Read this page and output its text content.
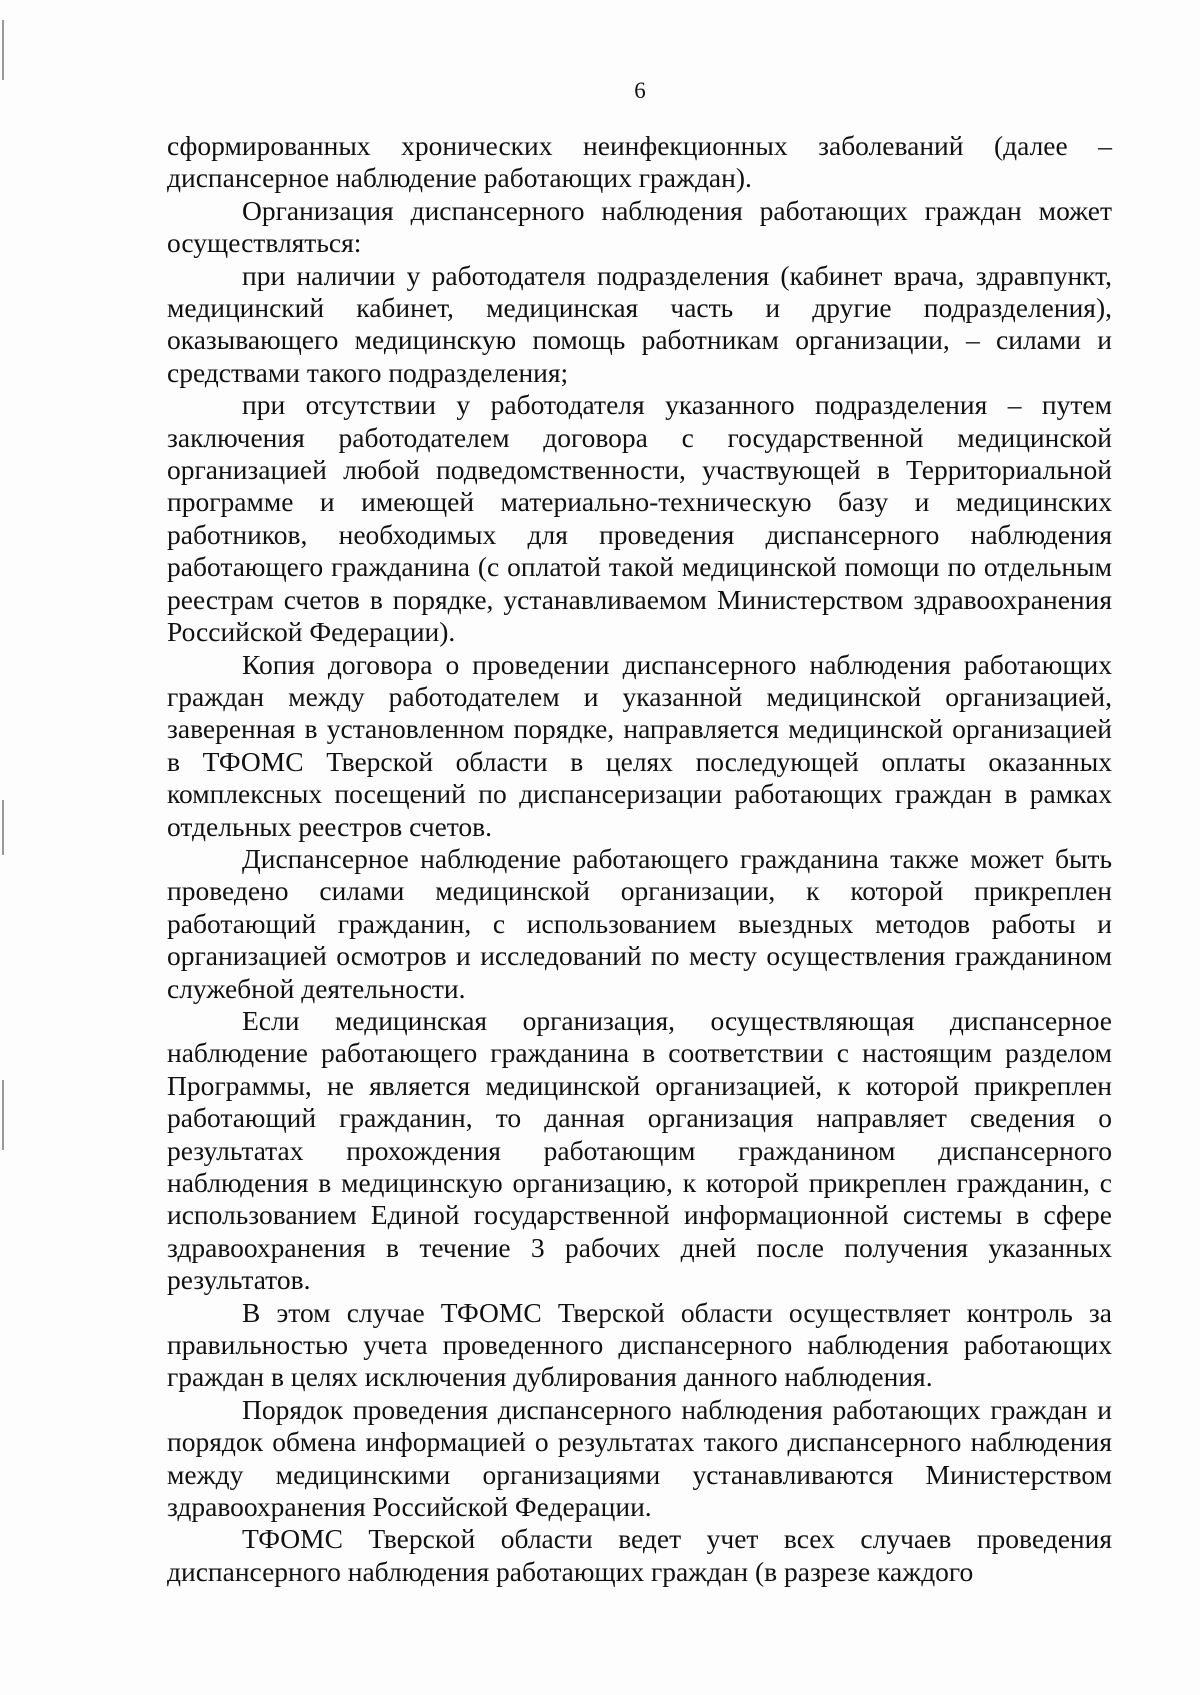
6

сформированных хронических неинфекционных заболеваний (далее – диспансерное наблюдение работающих граждан).

Организация диспансерного наблюдения работающих граждан может осуществляться:

при наличии у работодателя подразделения (кабинет врача, здравпункт, медицинский кабинет, медицинская часть и другие подразделения), оказывающего медицинскую помощь работникам организации, – силами и средствами такого подразделения;

при отсутствии у работодателя указанного подразделения – путем заключения работодателем договора с государственной медицинской организацией любой подведомственности, участвующей в Территориальной программе и имеющей материально-техническую базу и медицинских работников, необходимых для проведения диспансерного наблюдения работающего гражданина (с оплатой такой медицинской помощи по отдельным реестрам счетов в порядке, устанавливаемом Министерством здравоохранения Российской Федерации).

Копия договора о проведении диспансерного наблюдения работающих граждан между работодателем и указанной медицинской организацией, заверенная в установленном порядке, направляется медицинской организацией в ТФОМС Тверской области в целях последующей оплаты оказанных комплексных посещений по диспансеризации работающих граждан в рамках отдельных реестров счетов.

Диспансерное наблюдение работающего гражданина также может быть проведено силами медицинской организации, к которой прикреплен работающий гражданин, с использованием выездных методов работы и организацией осмотров и исследований по месту осуществления гражданином служебной деятельности.

Если медицинская организация, осуществляющая диспансерное наблюдение работающего гражданина в соответствии с настоящим разделом Программы, не является медицинской организацией, к которой прикреплен работающий гражданин, то данная организация направляет сведения о результатах прохождения работающим гражданином диспансерного наблюдения в медицинскую организацию, к которой прикреплен гражданин, с использованием Единой государственной информационной системы в сфере здравоохранения в течение 3 рабочих дней после получения указанных результатов.

В этом случае ТФОМС Тверской области осуществляет контроль за правильностью учета проведенного диспансерного наблюдения работающих граждан в целях исключения дублирования данного наблюдения.

Порядок проведения диспансерного наблюдения работающих граждан и порядок обмена информацией о результатах такого диспансерного наблюдения между медицинскими организациями устанавливаются Министерством здравоохранения Российской Федерации.

ТФОМС Тверской области ведет учет всех случаев проведения диспансерного наблюдения работающих граждан (в разрезе каждого
